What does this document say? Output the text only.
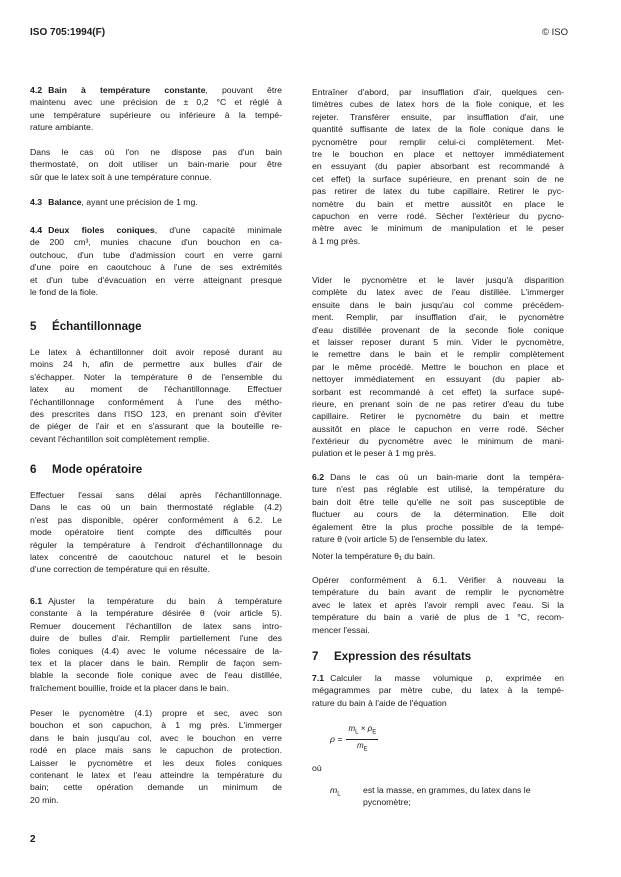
ISO 705:1994(F)	© ISO
4.2 Bain à température constante, pouvant être
maintenu avec une précision de ± 0,2 °C et réglé à
une température supérieure ou inférieure à la tempé-
rature ambiante.
Dans le cas où l'on ne dispose pas d'un bain
thermostaté, on doit utiliser un bain-marie pour être
sûr que le latex soit à une température connue.
4.3 Balance, ayant une précision de 1 mg.
4.4 Deux fioles coniques, d'une capacité minimale
de 200 cm³, munies chacune d'un bouchon en ca-
outchouc, d'un tube d'admission court en verre garni
d'une poire en caoutchouc à l'une de ses extrémités
et d'un tube d'évacuation en verre atteignant presque
le fond de la fiole.
5 Échantillonnage
Le latex à échantillonner doit avoir reposé durant au
moins 24 h, afin de permettre aux bulles d'air de
s'échapper. Noter la température θ de l'ensemble du
latex au moment de l'échantillonnage. Effectuer
l'échantillonnage conformément à l'une des métho-
des prescrites dans l'ISO 123, en prenant soin d'éviter
de piéger de l'air et en s'assurant que la bouteille re-
cevant l'échantillon soit complètement remplie.
6 Mode opératoire
Effectuer l'essai sans délai après l'échantillonnage.
Dans le cas où un bain thermostaté réglable (4.2)
n'est pas disponible, opérer conformément à 6.2. Le
mode opératoire tient compte des difficultés pour
réguler la température à l'endroit d'échantillonnage du
latex concentré de caoutchouc naturel et le besoin
d'une correction de température qui en résulte.
6.1 Ajuster la température du bain à température
constante à la température désirée θ (voir article 5).
Remuer doucement l'échantillon de latex sans intro-
duire de bulles d'air. Remplir partiellement l'une des
fioles coniques (4.4) avec le volume nécessaire de la-
tex et la placer dans le bain. Remplir de façon sem-
blable la seconde fiole conique avec de l'eau distillée,
fraîchement bouillie, froide et la placer dans le bain.
Peser le pycnomètre (4.1) propre et sec, avec son
bouchon et son capuchon, à 1 mg près. L'immerger
dans le bain jusqu'au col, avec le bouchon en verre
rodé en place mais sans le capuchon de protection.
Laisser le pycnomètre et les deux fioles coniques
contenant le latex et l'eau atteindre la température du
bain; cette opération demande un minimum de
20 min.
Entraîner d'abord, par insufflation d'air, quelques cen-
timètres cubes de latex hors de la fiole conique, et les
rejeter. Transférer ensuite, par insufflation d'air, une
quantité suffisante de latex de la fiole conique dans le
pycnomètre pour remplir celui-ci complètement. Met-
tre le bouchon en place et nettoyer immédiatement
en essuyant (du papier absorbant est recommandé à
cet effet) la surface supérieure, en prenant soin de ne
pas retirer de latex du tube capillaire. Retirer le pyc-
nomètre du bain et mettre aussitôt en place le
capuchon en verre rodé. Sécher l'extérieur du pycno-
mètre avec le minimum de manipulation et le peser
à 1 mg près.
Vider le pycnomètre et le laver jusqu'à disparition
complète du latex avec de l'eau distillée. L'immerger
ensuite dans le bain jusqu'au col comme précédem-
ment. Remplir, par insufflation d'air, le pycnomètre
d'eau distillée provenant de la seconde fiole conique
et laisser reposer durant 5 min. Vider le pycnomètre,
le remettre dans le bain et le remplir complètement
par le même procédé. Mettre le bouchon en place et
nettoyer immédiatement en essuyant (du papier ab-
sorbant est recommandé à cet effet) la surface supé-
rieure, en prenant soin de ne pas retirer d'eau du tube
capillaire. Retirer le pycnomètre du bain et mettre
aussitôt en place le capuchon en verre rodé. Sécher
l'extérieur du pycnomètre avec le minimum de mani-
pulation et le peser à 1 mg près.
6.2 Dans le cas où un bain-marie dont la tempéra-
ture n'est pas réglable est utilisé, la température du
bain doit être telle qu'elle ne soit pas susceptible de
fluctuer au cours de la détermination. Elle doit
également être la plus proche possible de la tempé-
rature θ (voir article 5) de l'ensemble du latex.
Noter la température θ₁ du bain.
Opérer conformément à 6.1. Vérifier à nouveau la
température du bain avant de remplir le pycnomètre
avec le latex et après l'avoir rempli avec l'eau. Si la
température du bain a varié de plus de 1 °C, recom-
mencer l'essai.
7 Expression des résultats
7.1 Calculer la masse volumique ρ, exprimée en
mégagrammes par mètre cube, du latex à la tempé-
rature du bain à l'aide de l'équation
$\rho = \frac{m_L \times \rho_E}{m_E}$
où
$m_L$	est la masse, en grammes, du latex dans le pycnomètre;
2
